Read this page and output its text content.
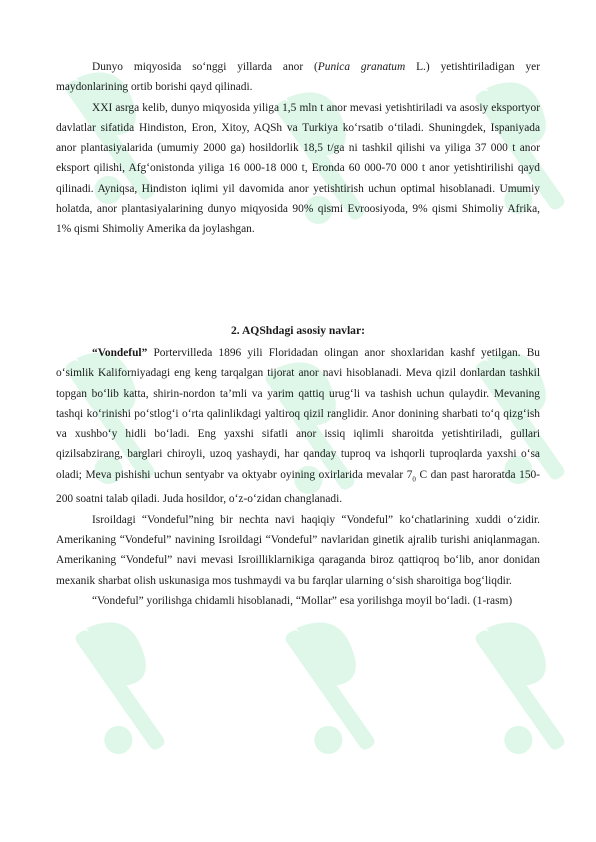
Dunyo miqyosida so‘nggi yillarda anor (Punica granatum L.) yetishtiriladigan yer maydonlarining ortib borishi qayd qilinadi.

XXI asrga kelib, dunyo miqyosida yiliga 1,5 mln t anor mevasi yetishtiriladi va asosiy eksportyor davlatlar sifatida Hindiston, Eron, Xitoy, AQSh va Turkiya ko‘rsatib o‘tiladi. Shuningdek, Ispaniyada anor plantasiyalarida (umumiy 2000 ga) hosildorlik 18,5 t/ga ni tashkil qilishi va yiliga 37 000 t anor eksport qilishi, Afg‘onistonda yiliga 16 000-18 000 t, Eronda 60 000-70 000 t anor yetishtirilishi qayd qilinadi. Ayniqsa, Hindiston iqlimi yil davomida anor yetishtirish uchun optimal hisoblanadi. Umumiy holatda, anor plantasiyalarining dunyo miqyosida 90% qismi Evroosiyoda, 9% qismi Shimoliy Afrika, 1% qismi Shimoliy Amerika da joylashgan.

2. AQShdagi asosiy navlar:

“Vondeful” Portervilleda 1896 yili Floridadan olingan anor shoxlaridan kashf yetilgan. Bu o‘simlik Kaliforniyadagi eng keng tarqalgan tijorat anor navi hisoblanadi. Meva qizil donlardan tashkil topgan bo‘lib katta, shirin-nordon ta’mli va yarim qattiq urug‘li va tashish uchun qulaydir. Mevaning tashqi ko‘rinishi po‘stlog‘i o‘rta qalinlikdagi yaltiroq qizil ranglidir. Anor donining sharbati to‘q qizg‘ish va xushbo‘y hidli bo‘ladi. Eng yaxshi sifatli anor issiq iqlimli sharoitda yetishtiriladi, gullari qizilsabzirang, barglari chiroyli, uzoq yashaydi, har qanday tuproq va ishqorli tuproqlarda yaxshi o‘sa oladi; Meva pishishi uchun sentyabr va oktyabr oyining oxirlarida mevalar $7_0$ C dan past haroratda 150-200 soatni talab qiladi. Juda hosildor, o‘z-o‘zidan changlanadi.

Isroildagi “Vondeful”ning bir nechta navi haqiqiy “Vondeful” ko‘chatlarining xuddi o‘zidir. Amerikaning “Vondeful” navining Isroildagi “Vondeful” navlaridan ginetik ajralib turishi aniqlanmagan. Amerikaning “Vondeful” navi mevasi Isroilliklarnikiga qaraganda biroz qattiqroq bo‘lib, anor donidan mexanik sharbat olish uskunasiga mos tushmaydi va bu farqlar ularning o‘sish sharoitiga bog‘liqdir.

“Vondeful” yorilishga chidamli hisoblanadi, “Mollar” esa yorilishga moyil bo‘ladi. (1-rasm)
